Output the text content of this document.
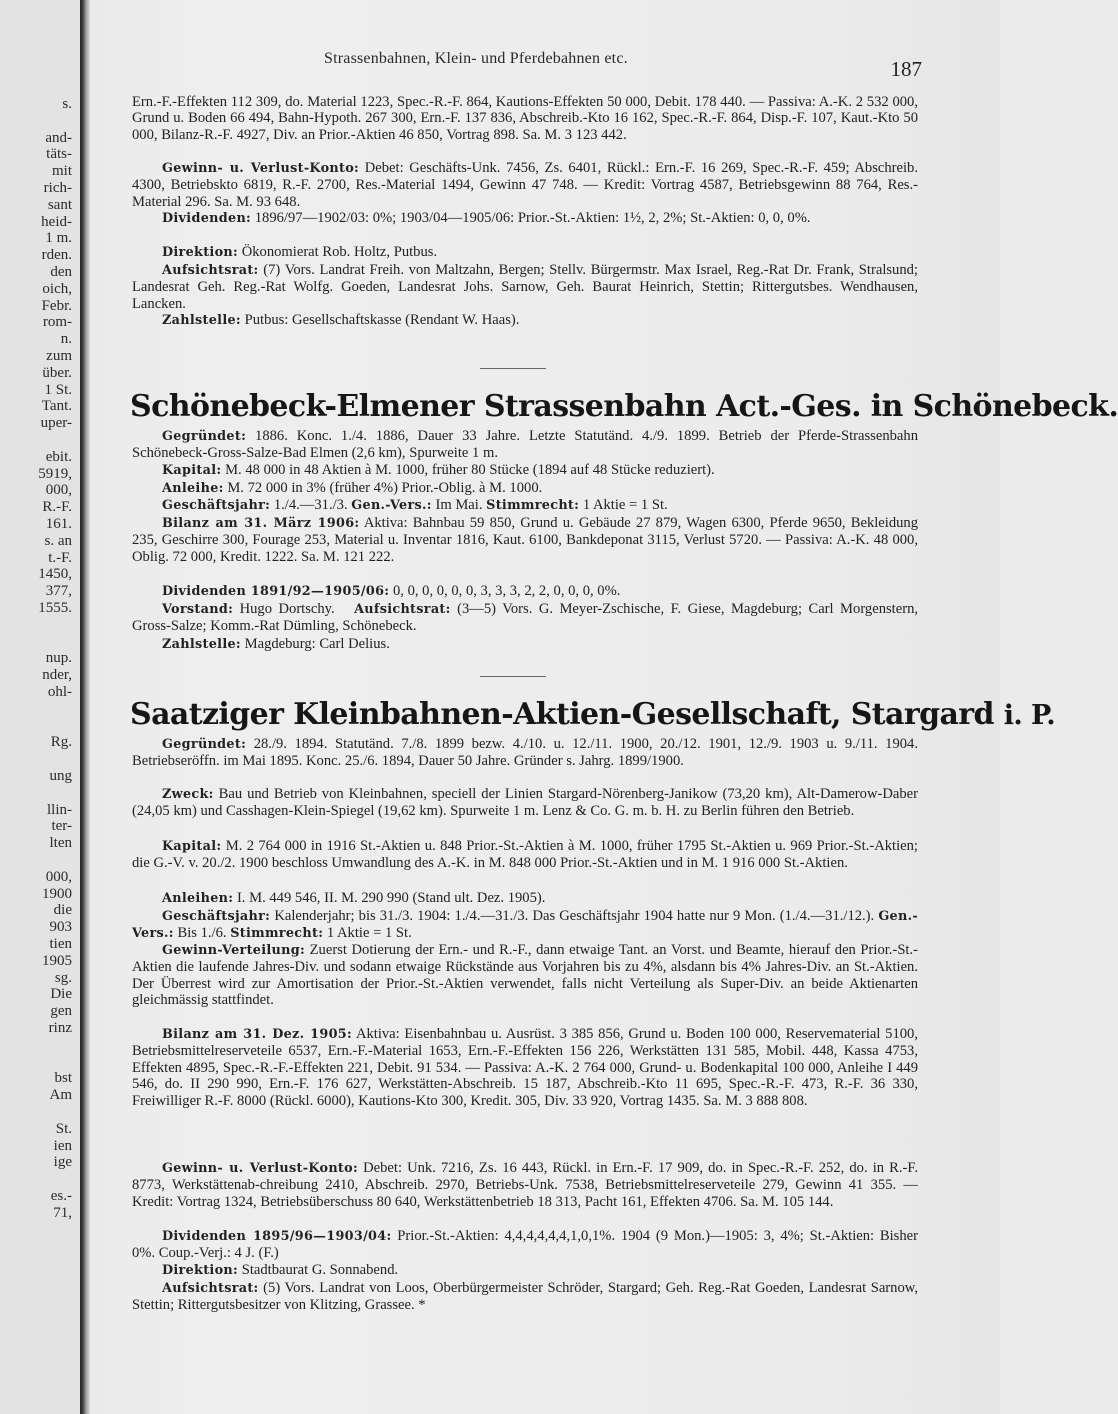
s.
and-
täts-
mit
rich-
sant
heid-
1 m.
rden.
den
oich,
Febr.
rom-
n.
zum
über.
1 St.
Tant.
uper-
ebit.
5919,
000,
R.-F.
161.
s. an
t.-F.
1450,
377,
1555.
nup.
nder,
ohl-
Rg.
ung
llin-
ter-
lten
000,
1900
die
903
tien
1905
sg.
Die
gen
rinz
bst
Am
St.
ien
ige
es.-
71,
Strassenbahnen, Klein- und Pferdebahnen etc.	187

Ern.-F.-Effekten 112 309, do. Material 1223, Spec.-R.-F. 864, Kautions-Effekten 50 000, Debit. 178 440. — Passiva: A.-K. 2 532 000, Grund u. Boden 66 494, Bahn-Hypoth. 267 300, Ern.-F. 137 836, Abschreib.-Kto 16 162, Spec.-R.-F. 864, Disp.-F. 107, Kaut.-Kto 50 000, Bilanz-R.-F. 4927, Div. an Prior.-Aktien 46 850, Vortrag 898. Sa. M. 3 123 442.

Gewinn- u. Verlust-Konto: Debet: Geschäfts-Unk. 7456, Zs. 6401, Rückl.: Ern.-F. 16 269, Spec.-R.-F. 459; Abschreib. 4300, Betriebskto 6819, R.-F. 2700, Res.-Material 1494, Gewinn 47 748. — Kredit: Vortrag 4587, Betriebsgewinn 88 764, Res.-Material 296. Sa. M. 93 648.

Dividenden: 1896/97—1902/03: 0%; 1903/04—1905/06: Prior.-St.-Aktien: 1½, 2, 2%; St.-Aktien: 0, 0, 0%.

Direktion: Ökonomierat Rob. Holtz, Putbus.

Aufsichtsrat: (7) Vors. Landrat Freih. von Maltzahn, Bergen; Stellv. Bürgermstr. Max Israel, Reg.-Rat Dr. Frank, Stralsund; Landesrat Geh. Reg.-Rat Wolfg. Goeden, Landesrat Johs. Sarnow, Geh. Baurat Heinrich, Stettin; Rittergutsbes. Wendhausen, Lancken.

Zahlstelle: Putbus: Gesellschaftskasse (Rendant W. Haas).

Schönebeck-Elmener Strassenbahn Act.-Ges. in Schönebeck.

Gegründet: 1886. Konc. 1./4. 1886, Dauer 33 Jahre. Letzte Statutänd. 4./9. 1899. Betrieb der Pferde-Strassenbahn Schönebeck-Gross-Salze-Bad Elmen (2,6 km), Spurweite 1 m.

Kapital: M. 48 000 in 48 Aktien à M. 1000, früher 80 Stücke (1894 auf 48 Stücke reduziert).

Anleihe: M. 72 000 in 3% (früher 4%) Prior.-Oblig. à M. 1000.

Geschäftsjahr: 1./4.—31./3. Gen.-Vers.: Im Mai. Stimmrecht: 1 Aktie = 1 St.

Bilanz am 31. März 1906: Aktiva: Bahnbau 59 850, Grund u. Gebäude 27 879, Wagen 6300, Pferde 9650, Bekleidung 235, Geschirre 300, Fourage 253, Material u. Inventar 1816, Kaut. 6100, Bankdeponat 3115, Verlust 5720. — Passiva: A.-K. 48 000, Oblig. 72 000, Kredit. 1222. Sa. M. 121 222.

Dividenden 1891/92—1905/06: 0, 0, 0, 0, 0, 0, 3, 3, 3, 2, 2, 0, 0, 0, 0%.

Vorstand: Hugo Dortschy. Aufsichtsrat: (3—5) Vors. G. Meyer-Zschische, F. Giese, Magdeburg; Carl Morgenstern, Gross-Salze; Komm.-Rat Dümling, Schönebeck.

Zahlstelle: Magdeburg: Carl Delius.

Saatziger Kleinbahnen-Aktien-Gesellschaft, Stargard i. P.

Gegründet: 28./9. 1894. Statutänd. 7./8. 1899 bezw. 4./10. u. 12./11. 1900, 20./12. 1901, 12./9. 1903 u. 9./11. 1904. Betriebseröffn. im Mai 1895. Konc. 25./6. 1894, Dauer 50 Jahre. Gründer s. Jahrg. 1899/1900.

Zweck: Bau und Betrieb von Kleinbahnen, speciell der Linien Stargard-Nörenberg-Janikow (73,20 km), Alt-Damerow-Daber (24,05 km) und Casshagen-Klein-Spiegel (19,62 km). Spurweite 1 m. Lenz & Co. G. m. b. H. zu Berlin führen den Betrieb.

Kapital: M. 2 764 000 in 1916 St.-Aktien u. 848 Prior.-St.-Aktien à M. 1000, früher 1795 St.-Aktien u. 969 Prior.-St.-Aktien; die G.-V. v. 20./2. 1900 beschloss Umwandlung des A.-K. in M. 848 000 Prior.-St.-Aktien und in M. 1 916 000 St.-Aktien.

Anleihen: I. M. 449 546, II. M. 290 990 (Stand ult. Dez. 1905).

Geschäftsjahr: Kalenderjahr; bis 31./3. 1904: 1./4.—31./3. Das Geschäftsjahr 1904 hatte nur 9 Mon. (1./4.—31./12.). Gen.-Vers.: Bis 1./6. Stimmrecht: 1 Aktie = 1 St.

Gewinn-Verteilung: Zuerst Dotierung der Ern.- und R.-F., dann etwaige Tant. an Vorst. und Beamte, hierauf den Prior.-St.-Aktien die laufende Jahres-Div. und sodann etwaige Rückstände aus Vorjahren bis zu 4%, alsdann bis 4% Jahres-Div. an St.-Aktien. Der Überrest wird zur Amortisation der Prior.-St.-Aktien verwendet, falls nicht Verteilung als Super-Div. an beide Aktienarten gleichmässig stattfindet.

Bilanz am 31. Dez. 1905: Aktiva: Eisenbahnbau u. Ausrüst. 3 385 856, Grund u. Boden 100 000, Reservematerial 5100, Betriebsmittelreserveteile 6537, Ern.-F.-Material 1653, Ern.-F.-Effekten 156 226, Werkstätten 131 585, Mobil. 448, Kassa 4753, Effekten 4895, Spec.-R.-F.-Effekten 221, Debit. 91 534. — Passiva: A.-K. 2 764 000, Grund- u. Bodenkapital 100 000, Anleihe I 449 546, do. II 290 990, Ern.-F. 176 627, Werkstätten-Abschreib. 15 187, Abschreib.-Kto 11 695, Spec.-R.-F. 473, R.-F. 36 330, Freiwilliger R.-F. 8000 (Rückl. 6000), Kautions-Kto 300, Kredit. 305, Div. 33 920, Vortrag 1435. Sa. M. 3 888 808.

Gewinn- u. Verlust-Konto: Debet: Unk. 7216, Zs. 16 443, Rückl. in Ern.-F. 17 909, do. in Spec.-R.-F. 252, do. in R.-F. 8773, Werkstättenab-chreibung 2410, Abschreib. 2970, Betriebs-Unk. 7538, Betriebsmittelreserveteile 279, Gewinn 41 355. — Kredit: Vortrag 1324, Betriebsüberschuss 80 640, Werkstättenbetrieb 18 313, Pacht 161, Effekten 4706. Sa. M. 105 144.

Dividenden 1895/96—1903/04: Prior.-St.-Aktien: 4,4,4,4,4,4,1,0,1%. 1904 (9 Mon.)—1905: 3, 4%; St.-Aktien: Bisher 0%. Coup.-Verj.: 4 J. (F.)

Direktion: Stadtbaurat G. Sonnabend.

Aufsichtsrat: (5) Vors. Landrat von Loos, Oberbürgermeister Schröder, Stargard; Geh. Reg.-Rat Goeden, Landesrat Sarnow, Stettin; Rittergutsbesitzer von Klitzing, Grassee. *
